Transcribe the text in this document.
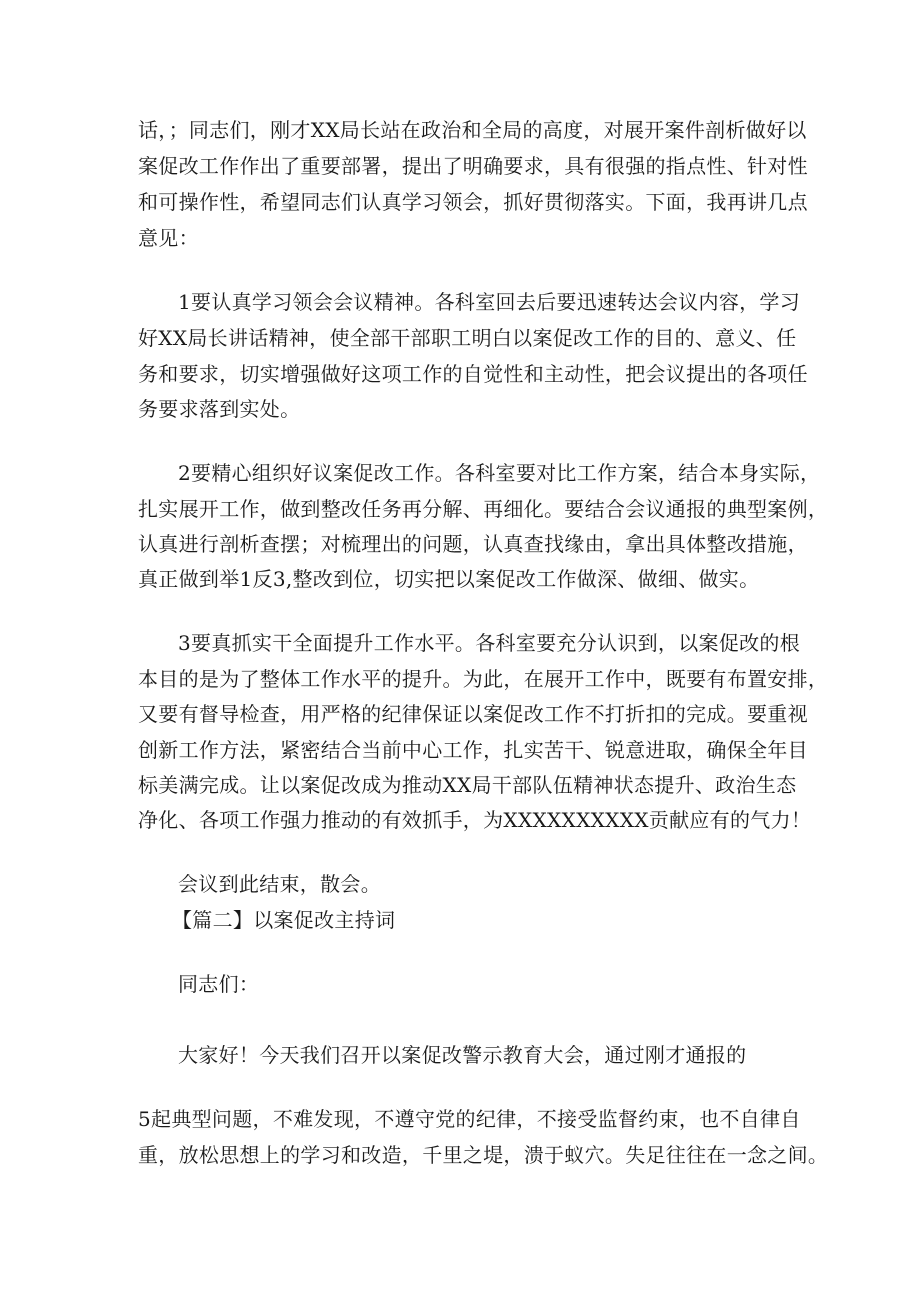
话，；同志们，刚才XX局长站在政治和全局的高度，对展开案件剖析做好以
案促改工作作出了重要部署，提出了明确要求，具有很强的指点性、针对性
和可操作性，希望同志们认真学习领会，抓好贯彻落实。下面，我再讲几点
意见：
1要认真学习领会会议精神。各科室回去后要迅速转达会议内容，学习
好XX局长讲话精神，使全部干部职工明白以案促改工作的目的、意义、任
务和要求，切实增强做好这项工作的自觉性和主动性，把会议提出的各项任
务要求落到实处。
2要精心组织好议案促改工作。各科室要对比工作方案，结合本身实际，
扎实展开工作，做到整改任务再分解、再细化。要结合会议通报的典型案例，
认真进行剖析查摆；对梳理出的问题，认真查找缘由，拿出具体整改措施，
真正做到举1反3,整改到位，切实把以案促改工作做深、做细、做实。
3要真抓实干全面提升工作水平。各科室要充分认识到，以案促改的根
本目的是为了整体工作水平的提升。为此，在展开工作中，既要有布置安排，
又要有督导检查，用严格的纪律保证以案促改工作不打折扣的完成。要重视
创新工作方法，紧密结合当前中心工作，扎实苦干、锐意进取，确保全年目
标美满完成。让以案促改成为推动XX局干部队伍精神状态提升、政治生态
净化、各项工作强力推动的有效抓手，为XXXXXXXXXX贡献应有的气力！
会议到此结束，散会。
【篇二】以案促改主持词
同志们：
大家好！今天我们召开以案促改警示教育大会，通过刚才通报的
5起典型问题，不难发现，不遵守党的纪律，不接受监督约束，也不自律自
重，放松思想上的学习和改造，千里之堤，溃于蚁穴。失足往往在一念之间。
